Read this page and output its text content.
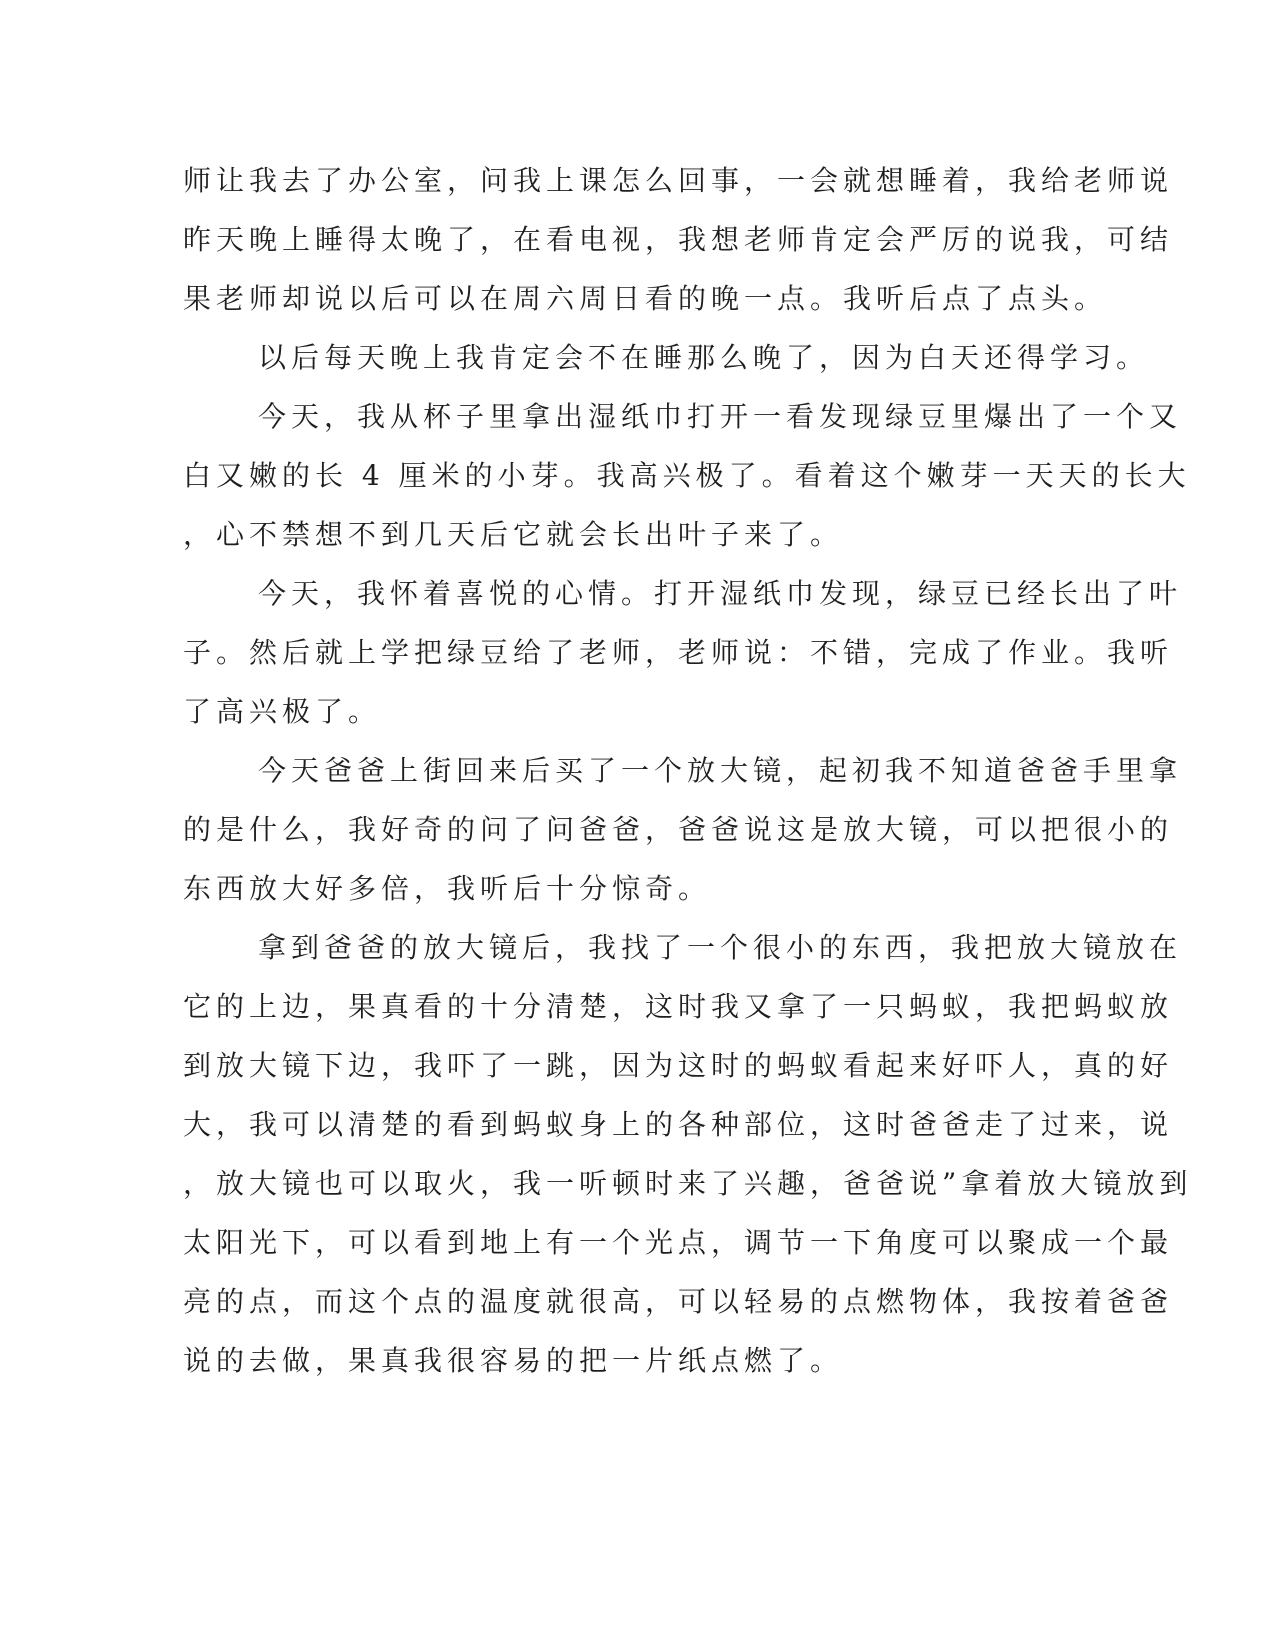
师让我去了办公室，问我上课怎么回事，一会就想睡着，我给老师说
昨天晚上睡得太晚了，在看电视，我想老师肯定会严厉的说我，可结
果老师却说以后可以在周六周日看的晚一点。我听后点了点头。
以后每天晚上我肯定会不在睡那么晚了，因为白天还得学习。
今天，我从杯子里拿出湿纸巾打开一看发现绿豆里爆出了一个又
白又嫩的长 4 厘米的小芽。我高兴极了。看着这个嫩芽一天天的长大
，心不禁想不到几天后它就会长出叶子来了。
今天，我怀着喜悦的心情。打开湿纸巾发现，绿豆已经长出了叶
子。然后就上学把绿豆给了老师，老师说：不错，完成了作业。我听
了高兴极了。
今天爸爸上街回来后买了一个放大镜，起初我不知道爸爸手里拿
的是什么，我好奇的问了问爸爸，爸爸说这是放大镜，可以把很小的
东西放大好多倍，我听后十分惊奇。
拿到爸爸的放大镜后，我找了一个很小的东西，我把放大镜放在
它的上边，果真看的十分清楚，这时我又拿了一只蚂蚁，我把蚂蚁放
到放大镜下边，我吓了一跳，因为这时的蚂蚁看起来好吓人，真的好
大，我可以清楚的看到蚂蚁身上的各种部位，这时爸爸走了过来，说
，放大镜也可以取火，我一听顿时来了兴趣，爸爸说”拿着放大镜放到
太阳光下，可以看到地上有一个光点，调节一下角度可以聚成一个最
亮的点，而这个点的温度就很高，可以轻易的点燃物体，我按着爸爸
说的去做，果真我很容易的把一片纸点燃了。
